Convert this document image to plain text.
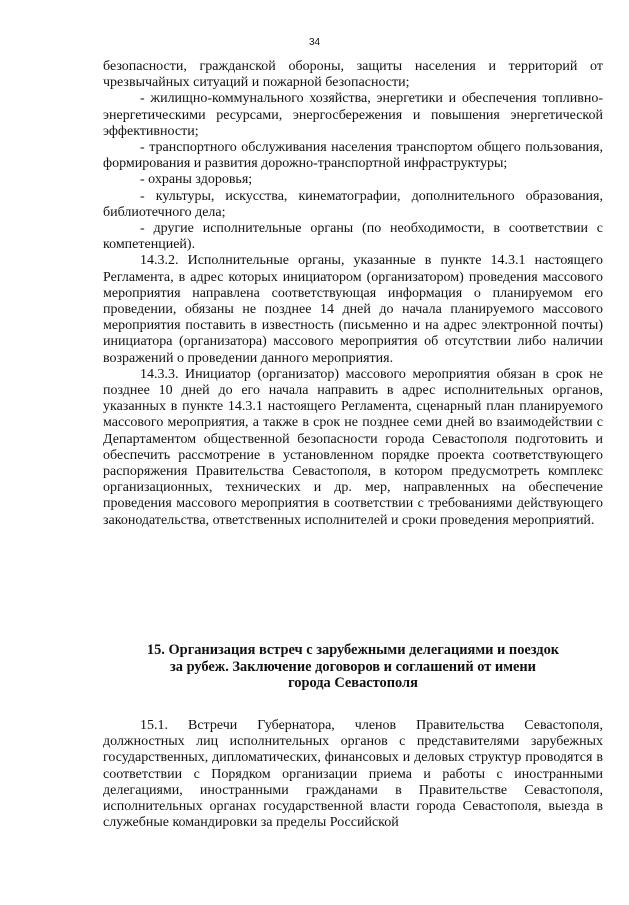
34

безопасности, гражданской обороны, защиты населения и территорий от чрезвычайных ситуаций и пожарной безопасности;

- жилищно-коммунального хозяйства, энергетики и обеспечения топливно-энергетическими ресурсами, энергосбережения и повышения энергетической эффективности;

- транспортного обслуживания населения транспортом общего пользования, формирования и развития дорожно-транспортной инфраструктуры;

- охраны здоровья;

- культуры, искусства, кинематографии, дополнительного образования, библиотечного дела;

- другие исполнительные органы (по необходимости, в соответствии с компетенцией).

14.3.2. Исполнительные органы, указанные в пункте 14.3.1 настоящего Регламента, в адрес которых инициатором (организатором) проведения массового мероприятия направлена соответствующая информация о планируемом его проведении, обязаны не позднее 14 дней до начала планируемого массового мероприятия поставить в известность (письменно и на адрес электронной почты) инициатора (организатора) массового мероприятия об отсутствии либо наличии возражений о проведении данного мероприятия.

14.3.3. Инициатор (организатор) массового мероприятия обязан в срок не позднее 10 дней до его начала направить в адрес исполнительных органов, указанных в пункте 14.3.1 настоящего Регламента, сценарный план планируемого массового мероприятия, а также в срок не позднее семи дней во взаимодействии с Департаментом общественной безопасности города Севастополя подготовить и обеспечить рассмотрение в установленном порядке проекта соответствующего распоряжения Правительства Севастополя, в котором предусмотреть комплекс организационных, технических и др. мер, направленных на обеспечение проведения массового мероприятия в соответствии с требованиями действующего законодательства, ответственных исполнителей и сроки проведения мероприятий.

15. Организация встреч с зарубежными делегациями и поездок
за рубеж. Заключение договоров и соглашений от имени
города Севастополя

15.1. Встречи Губернатора, членов Правительства Севастополя, должностных лиц исполнительных органов с представителями зарубежных государственных, дипломатических, финансовых и деловых структур проводятся в соответствии с Порядком организации приема и работы с иностранными делегациями, иностранными гражданами в Правительстве Севастополя, исполнительных органах государственной власти города Севастополя, выезда в служебные командировки за пределы Российской
